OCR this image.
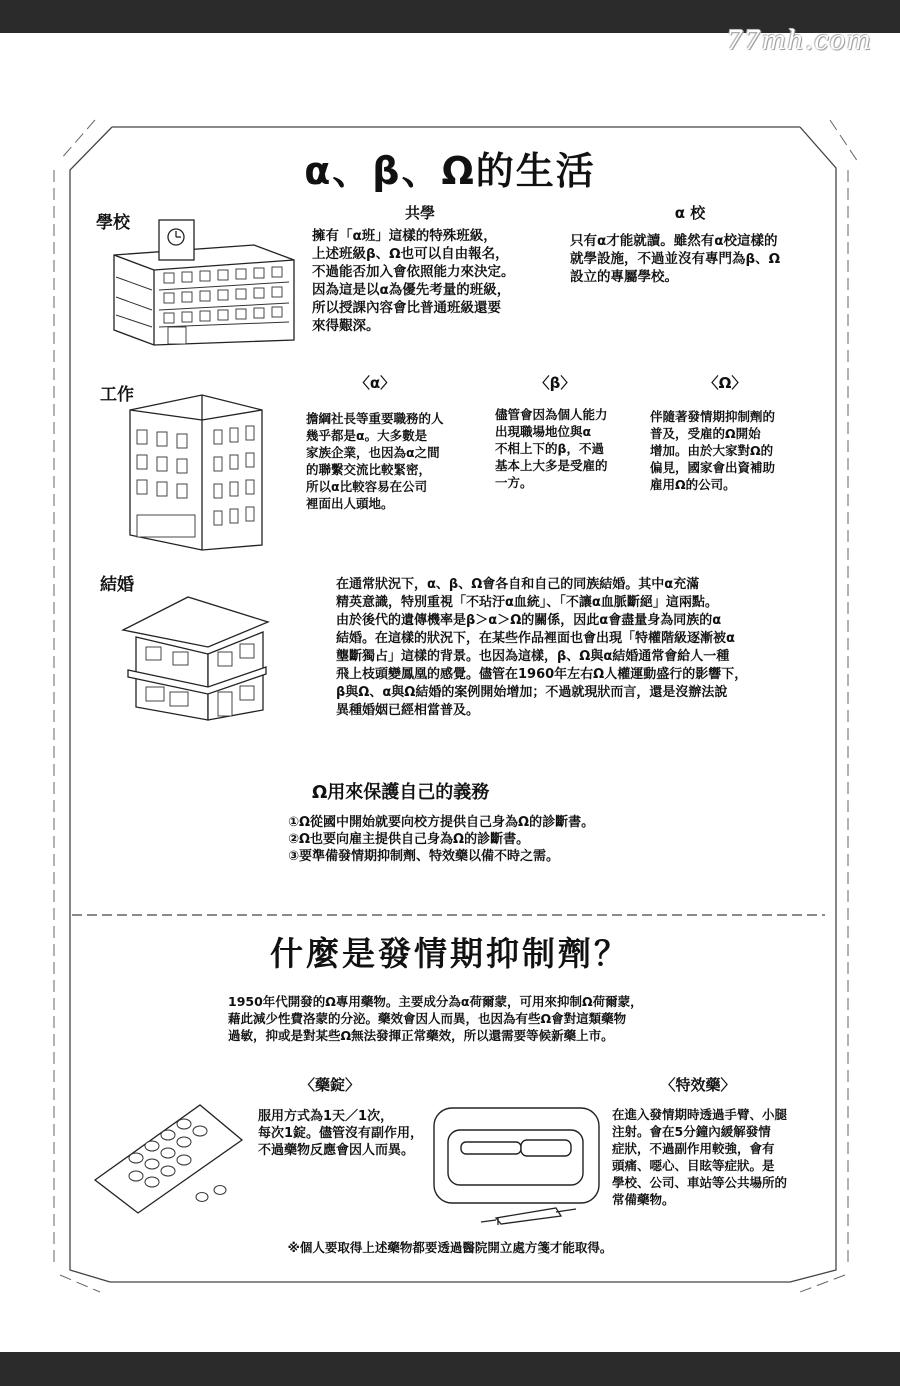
77mh.com
α、β、Ω的生活
學校	共學
擁有「α班」這樣的特殊班級，
上述班級β、Ω也可以自由報名，
不過能否加入會依照能力來決定。
因為這是以α為優先考量的班級，
所以授課內容會比普通班級還要
來得艱深。
α 校
只有α才能就讀。雖然有α校這樣的
就學設施，不過並沒有專門為β、Ω
設立的專屬學校。
工作
〈α〉
擔綱社長等重要職務的人
幾乎都是α。大多數是
家族企業，也因為α之間
的聯繫交流比較緊密，
所以α比較容易在公司
裡面出人頭地。
〈β〉
儘管會因為個人能力
出現職場地位與α
不相上下的β，不過
基本上大多是受雇的
一方。
〈Ω〉
伴隨著發情期抑制劑的
普及，受雇的Ω開始
增加。由於大家對Ω的
偏見，國家會出資補助
雇用Ω的公司。
結婚	在通常狀況下，α、β、Ω會各自和自己的同族結婚。其中α充滿
精英意識，特別重視「不玷汙α血統」、「不讓α血脈斷絕」這兩點。
由於後代的遺傳機率是β＞α＞Ω的關係，因此α會盡量身為同族的α
結婚。在這樣的狀況下，在某些作品裡面也會出現「特權階級逐漸被α
壟斷獨占」這樣的背景。也因為這樣，β、Ω與α結婚通常會給人一種
飛上枝頭變鳳凰的感覺。儘管在1960年左右Ω人權運動盛行的影響下，
β與Ω、α與Ω結婚的案例開始增加；不過就現狀而言，還是沒辦法說
異種婚姻已經相當普及。
Ω用來保護自己的義務
①Ω從國中開始就要向校方提供自己身為Ω的診斷書。
②Ω也要向雇主提供自己身為Ω的診斷書。
③要準備發情期抑制劑、特效藥以備不時之需。
什麼是發情期抑制劑？
1950年代開發的Ω專用藥物。主要成分為α荷爾蒙，可用來抑制Ω荷爾蒙，
藉此減少性費洛蒙的分泌。藥效會因人而異，也因為有些Ω會對這類藥物
過敏，抑或是對某些Ω無法發揮正常藥效，所以還需要等候新藥上市。
〈藥錠〉
服用方式為1天／1次，
每次1錠。儘管沒有副作用，
不過藥物反應會因人而異。
〈特效藥〉
在進入發情期時透過手臂、小腿
注射。會在5分鐘內緩解發情
症狀，不過副作用較強，會有
頭痛、噁心、目眩等症狀。是
學校、公司、車站等公共場所的
常備藥物。
※個人要取得上述藥物都要透過醫院開立處方箋才能取得。
